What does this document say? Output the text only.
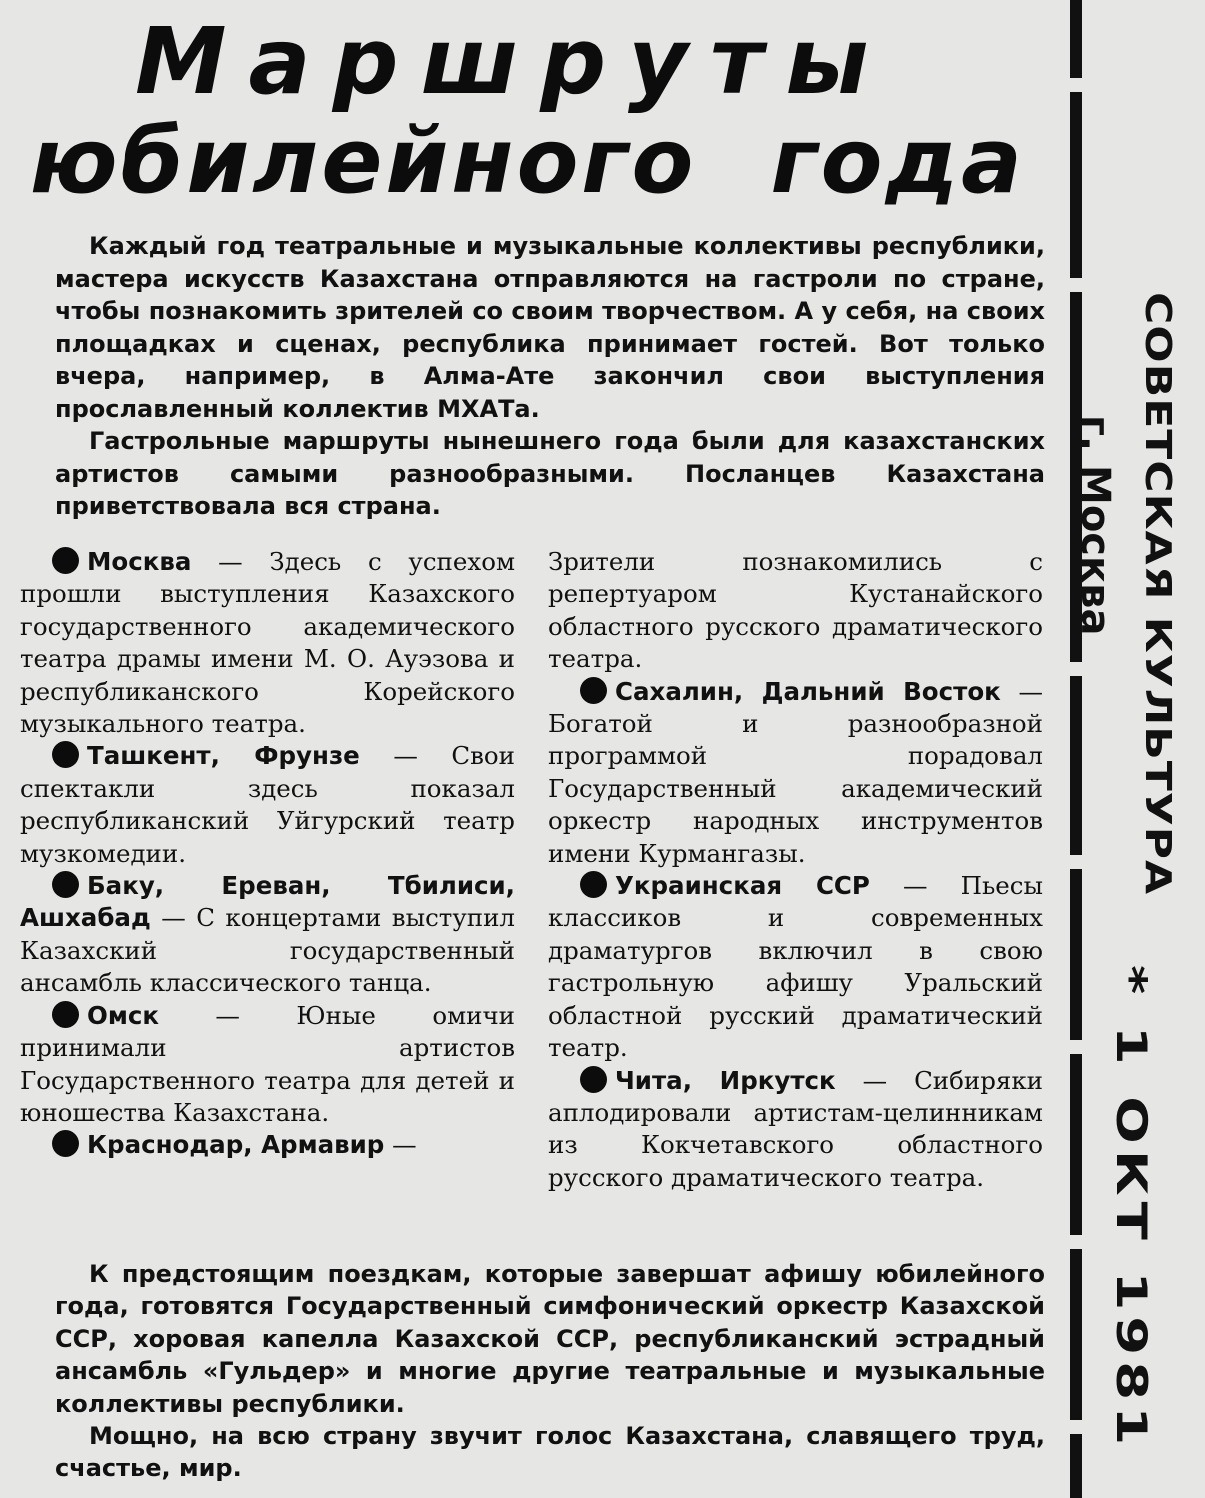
Маршруты
юбилейного года

Каждый год театральные и музыкальные коллективы республики, мастера искусств Казахстана отправляются на гастроли по стране, чтобы познакомить зрителей со своим творчеством. А у себя, на своих площадках и сценах, республика принимает гостей. Вот только вчера, например, в Алма-Ате закончил свои выступления прославленный коллектив МХАТа.

Гастрольные маршруты нынешнего года были для казахстанских артистов самыми разнообразными. Посланцев Казахстана приветствовала вся страна.

Москва — Здесь с успехом прошли выступления Казахского государственного академического театра драмы имени М. О. Ауэзова и республиканского Корейского музыкального театра.

Ташкент, Фрунзе — Свои спектакли здесь показал республиканский Уйгурский театр музкомедии.

Баку, Ереван, Тбилиси, Ашхабад — С концертами выступил Казахский государственный ансамбль классического танца.

Омск — Юные омичи принимали артистов Государственного театра для детей и юношества Казахстана.

Краснодар, Армавир —

Зрители познакомились с репертуаром Кустанайского областного русского драматического театра.

Сахалин, Дальний Восток — Богатой и разнообразной программой порадовал Государственный академический оркестр народных инструментов имени Курмангазы.

Украинская ССР — Пьесы классиков и современных драматургов включил в свою гастрольную афишу Уральский областной русский драматический театр.

Чита, Иркутск — Сибиряки аплодировали артистам-целинникам из Кокчетавского областного русского драматического театра.

К предстоящим поездкам, которые завершат афишу юбилейного года, готовятся Государственный симфонический оркестр Казахской ССР, хоровая капелла Казахской ССР, республиканский эстрадный ансамбль «Гульдер» и многие другие театральные и музыкальные коллективы республики.

Мощно, на всю страну звучит голос Казахстана, славящего труд, счастье, мир.

СОВЕТСКАЯ КУЛЬТУРА
г. Москва
* 1 ОКТ 1981
